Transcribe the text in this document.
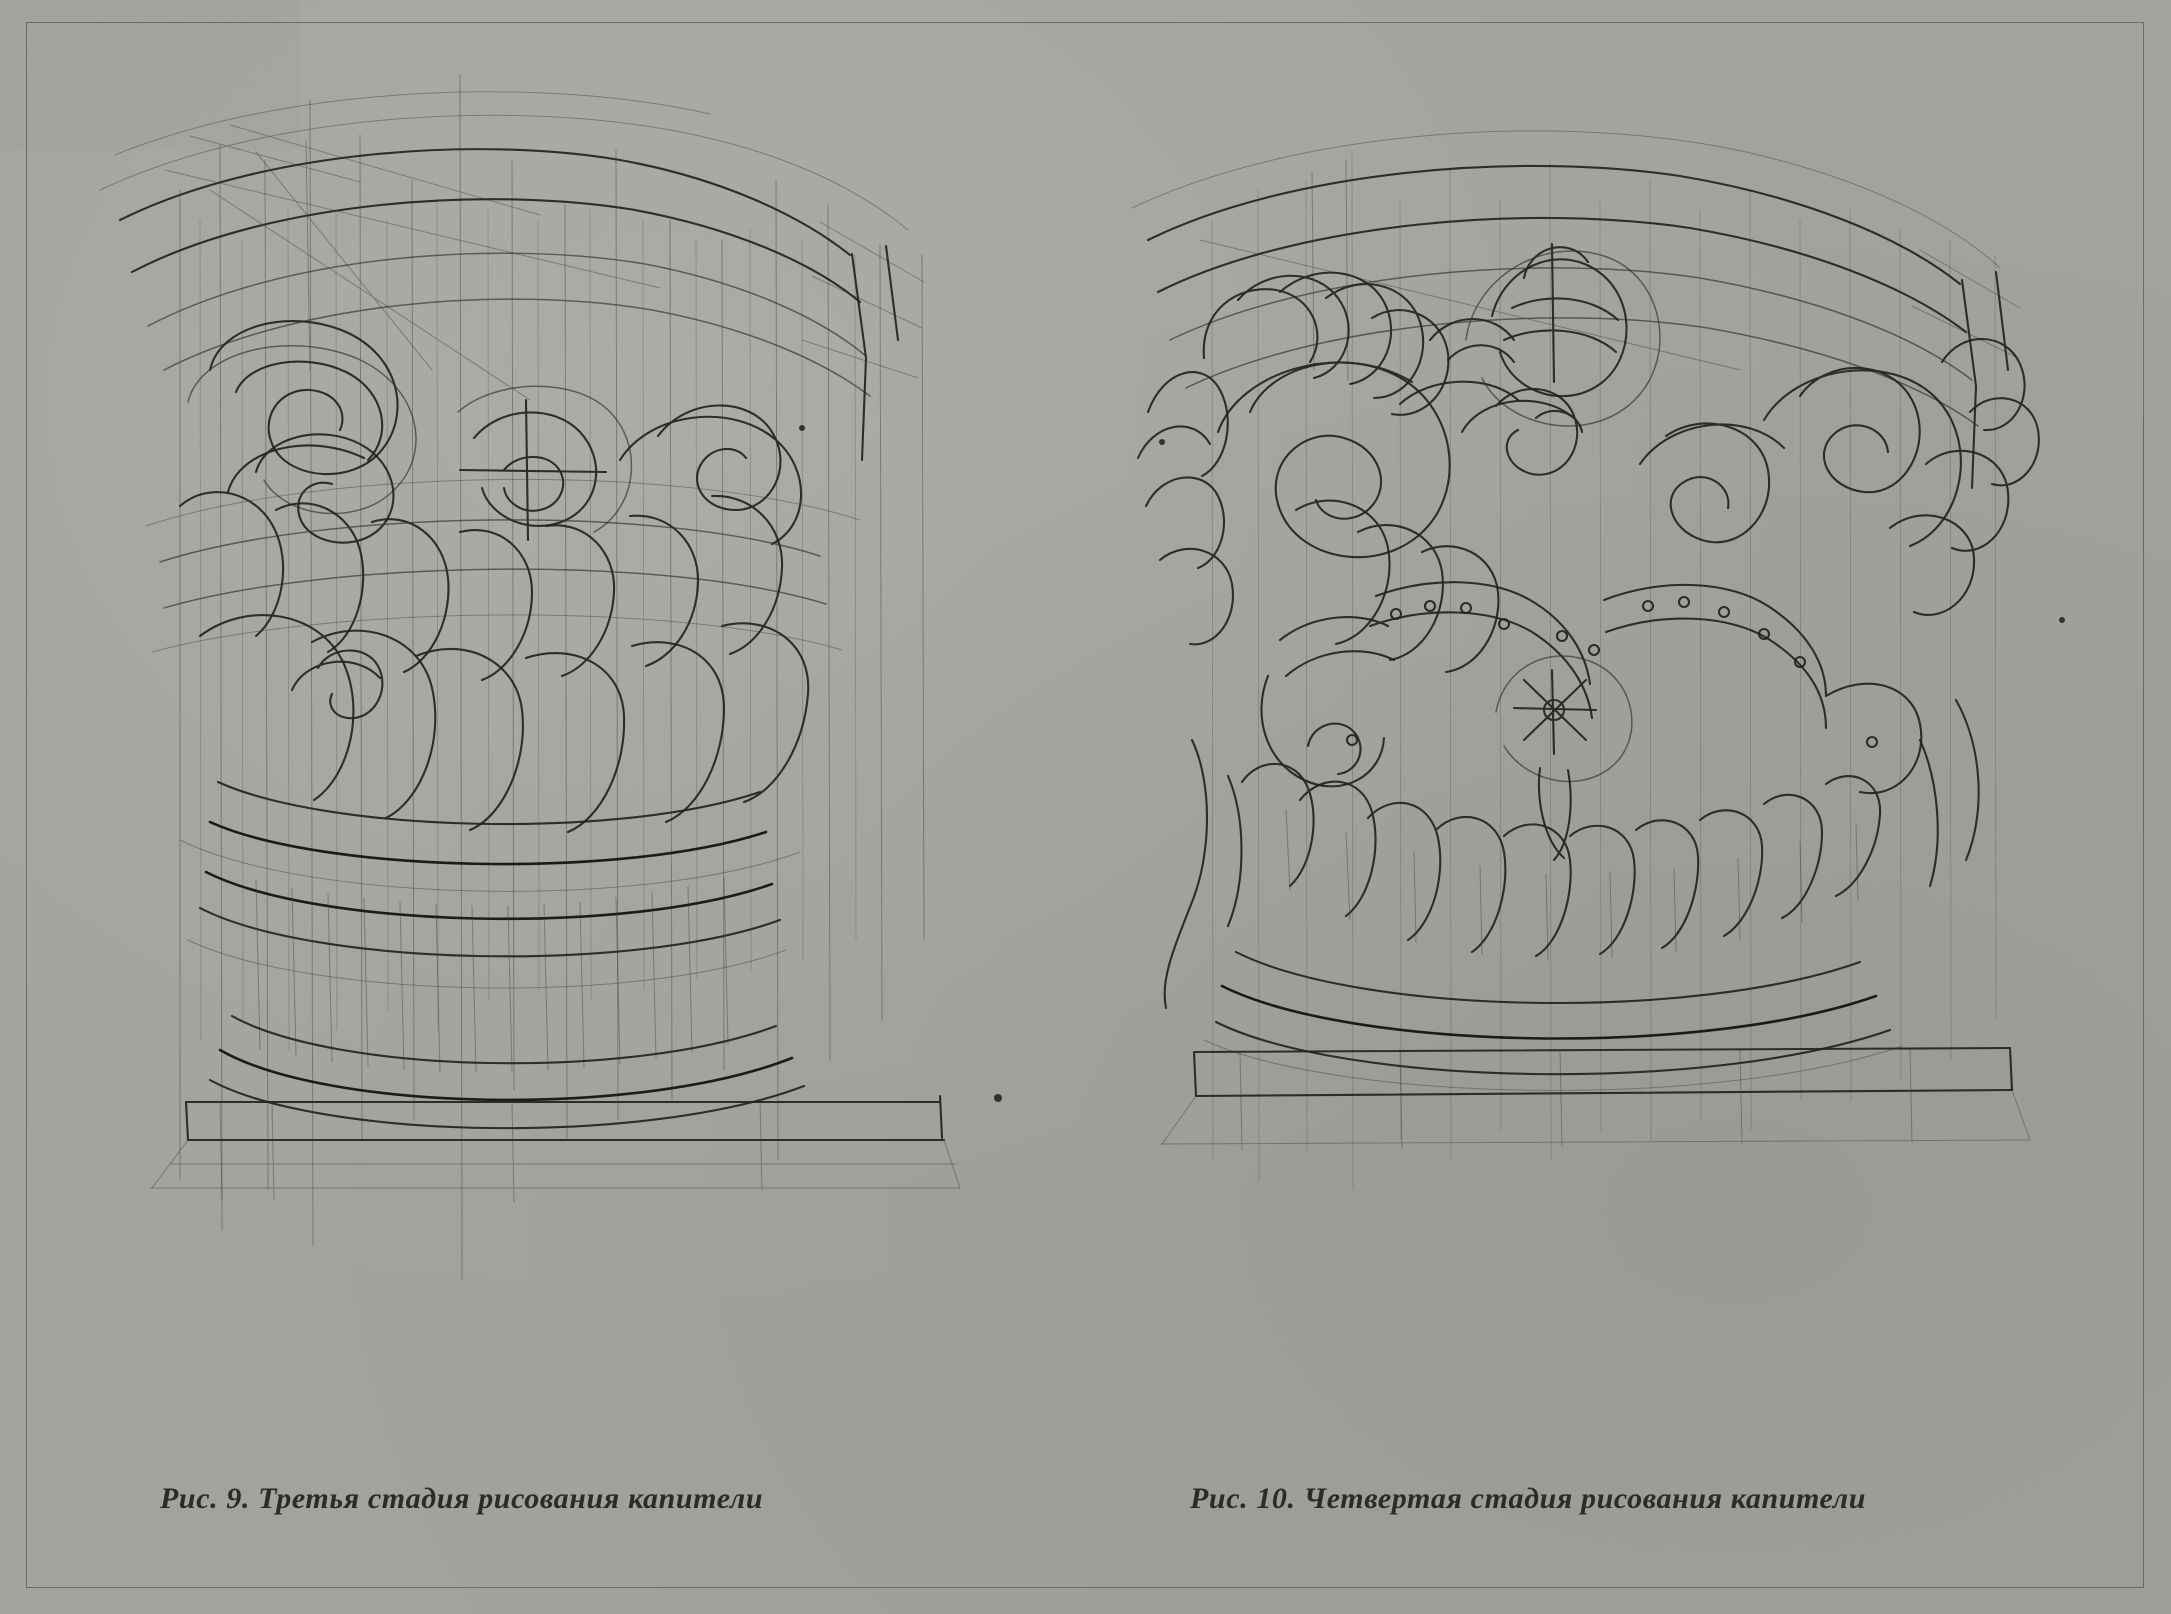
Рис. 9. Третья стадия рисования капители	Рис. 10. Четвертая стадия рисования капители
